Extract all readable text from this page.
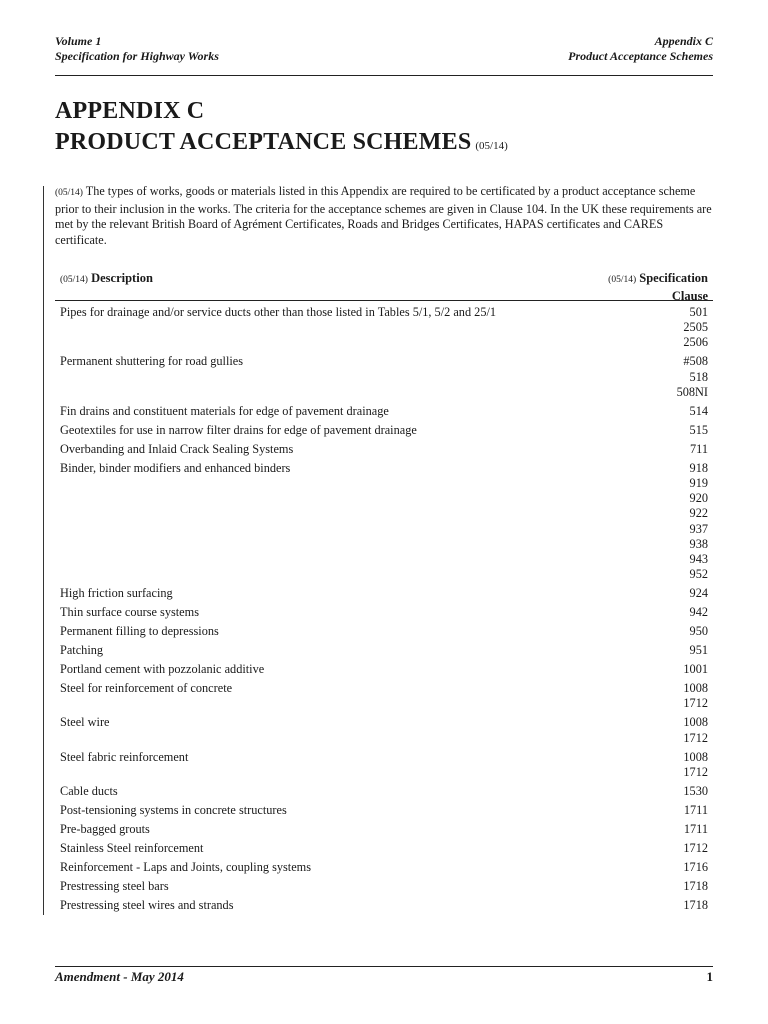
Volume 1
Specification for Highway Works
Appendix C
Product Acceptance Schemes
APPENDIX C
PRODUCT ACCEPTANCE SCHEMES (05/14)
(05/14) The types of works, goods or materials listed in this Appendix are required to be certificated by a product acceptance scheme prior to their inclusion in the works. The criteria for the acceptance schemes are given in Clause 104. In the UK these requirements are met by the relevant British Board of Agrément Certificates, Roads and Bridges Certificates, HAPAS certificates and CARES certificate.
(05/14) Description	(05/14) Specification
Clause
Pipes for drainage and/or service ducts other than those listed in Tables 5/1, 5/2 and 25/1	501
2505
2506
Permanent shuttering for road gullies	#508
518
508NI
Fin drains and constituent materials for edge of pavement drainage	514
Geotextiles for use in narrow filter drains for edge of pavement drainage	515
Overbanding and Inlaid Crack Sealing Systems	711
Binder, binder modifiers and enhanced binders	918
919
920
922
937
938
943
952
High friction surfacing	924
Thin surface course systems	942
Permanent filling to depressions	950
Patching	951
Portland cement with pozzolanic additive	1001
Steel for reinforcement of concrete	1008
1712
Steel wire	1008
1712
Steel fabric reinforcement	1008
1712
Cable ducts	1530
Post-tensioning systems in concrete structures	1711
Pre-bagged grouts	1711
Stainless Steel reinforcement	1712
Reinforcement - Laps and Joints, coupling systems	1716
Prestressing steel bars	1718
Prestressing steel wires and strands	1718
Amendment - May 2014	1
